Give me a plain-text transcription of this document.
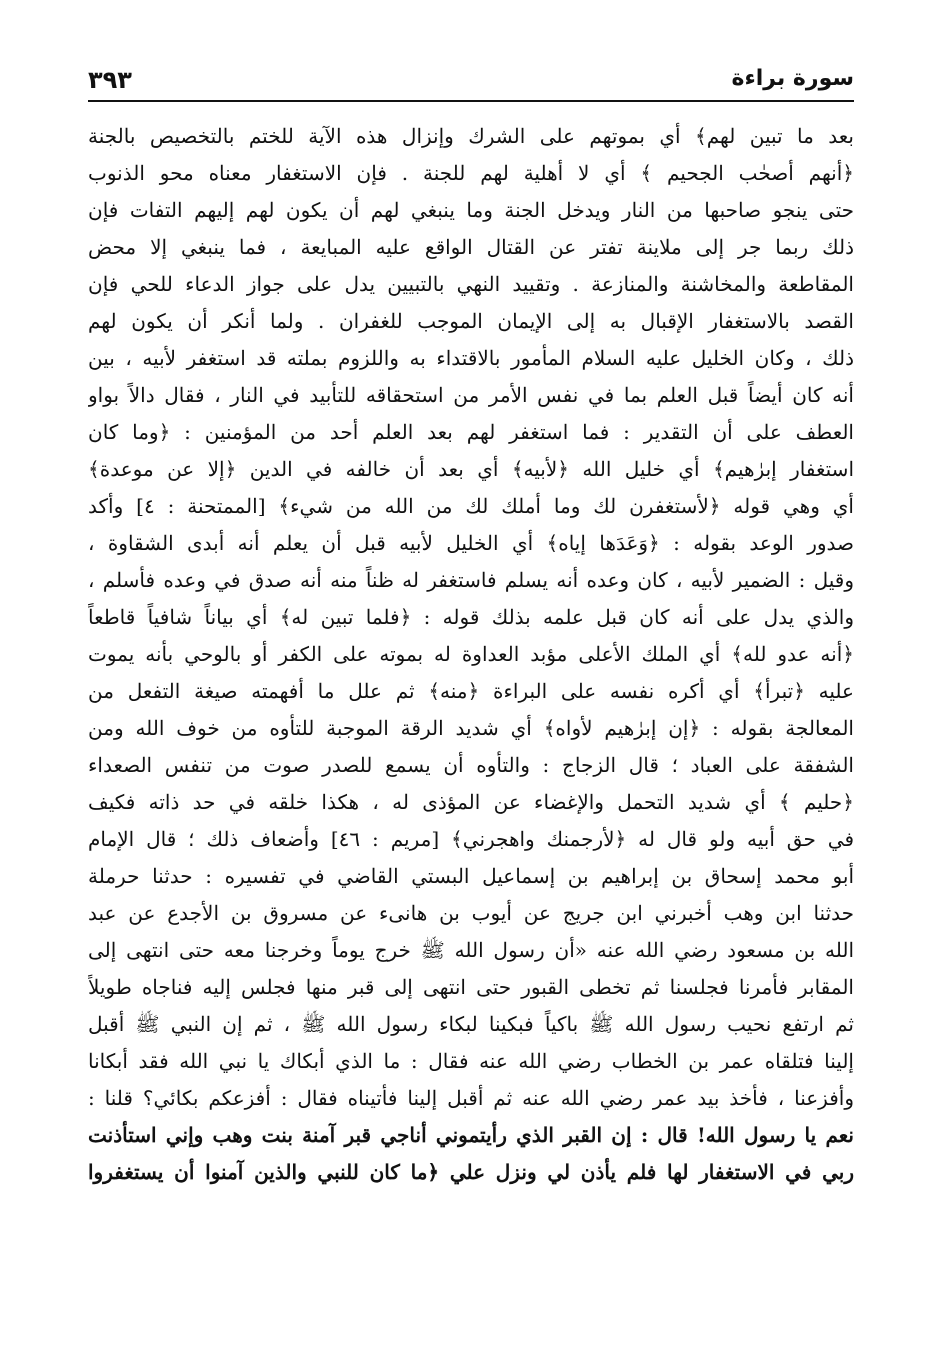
٣٩٣	سورة براءة
بعد ما تبين لهم﴾ أي بموتهم على الشرك وإنزال هذه الآية للختم بالتخصيص بالجنة
﴿أنهم أصحٰب الجحيم ﴾ أي لا أهلية لهم للجنة . فإن الاستغفار معناه محو الذنوب
حتى ينجو صاحبها من النار ويدخل الجنة وما ينبغي لهم أن يكون لهم إليهم التفات فإن
ذلك ربما جر إلى ملاينة تفتر عن القتال الواقع عليه المبايعة ، فما ينبغي إلا محض
المقاطعة والمخاشنة والمنازعة . وتقييد النهي بالتبيين يدل على جواز الدعاء للحي فإن
القصد بالاستغفار الإقبال به إلى الإيمان الموجب للغفران . ولما أنكر أن يكون لهم
ذلك ، وكان الخليل عليه السلام المأمور بالاقتداء به واللزوم بملته قد استغفر لأبيه ، بين
أنه كان أيضاً قبل العلم بما في نفس الأمر من استحقاقه للتأبيد في النار ، فقال دالاً بواو
العطف على أن التقدير : فما استغفر لهم بعد العلم أحد من المؤمنين : ﴿وما كان
استغفار إبرٰهيم﴾ أي خليل الله ﴿لأبيه﴾ أي بعد أن خالفه في الدين ﴿إلا عن موعدة﴾
أي وهي قوله ﴿لأستغفرن لك وما أملك لك من الله من شيء﴾ [الممتحنة : ٤] وأكد
صدور الوعد بقوله : ﴿وَعَدَها إياه﴾ أي الخليل لأبيه قبل أن يعلم أنه أبدى الشقاوة ،
وقيل : الضمير لأبيه ، كان وعده أنه يسلم فاستغفر له ظناً منه أنه صدق في وعده فأسلم ،
والذي يدل على أنه كان قبل علمه بذلك قوله : ﴿فلما تبين له﴾ أي بياناً شافياً قاطعاً
﴿أنه عدو لله﴾ أي الملك الأعلى مؤبد العداوة له بموته على الكفر أو بالوحي بأنه يموت
عليه ﴿تبرأ﴾ أي أكره نفسه على البراءة ﴿منه﴾ ثم علل ما أفهمته صيغة التفعل من
المعالجة بقوله : ﴿إن إبرٰهيم لأواه﴾ أي شديد الرقة الموجبة للتأوه من خوف الله ومن
الشفقة على العباد ؛ قال الزجاج : والتأوه أن يسمع للصدر صوت من تنفس الصعداء
﴿حليم ﴾ أي شديد التحمل والإغضاء عن المؤذى له ، هكذا خلقه في حد ذاته فكيف
في حق أبيه ولو قال له ﴿لأرجمنك واهجرني﴾ [مريم : ٤٦] وأضعاف ذلك ؛ قال الإمام
أبو محمد إسحاق بن إبراهيم بن إسماعيل البستي القاضي في تفسيره : حدثنا حرملة
حدثنا ابن وهب أخبرني ابن جريج عن أيوب بن هانىء عن مسروق بن الأجدع عن عبد
الله بن مسعود رضي الله عنه «أن رسول الله ﷺ خرج يوماً وخرجنا معه حتى انتهى إلى
المقابر فأمرنا فجلسنا ثم تخطى القبور حتى انتهى إلى قبر منها فجلس إليه فناجاه طويلاً
ثم ارتفع نحيب رسول الله ﷺ باكياً فبكينا لبكاء رسول الله ﷺ ، ثم إن النبي ﷺ أقبل
إلينا فتلقاه عمر بن الخطاب رضي الله عنه فقال : ما الذي أبكاك يا نبي الله فقد أبكانا
وأفزعنا ، فأخذ بيد عمر رضي الله عنه ثم أقبل إلينا فأتيناه فقال : أفزعكم بكائي؟ قلنا :
نعم يا رسول الله! قال : إن القبر الذي رأيتموني أناجي قبر آمنة بنت وهب وإني استأذنت
ربي في الاستغفار لها فلم يأذن لي ونزل علي ﴿ما كان للنبي والذين آمنوا أن يستغفروا
